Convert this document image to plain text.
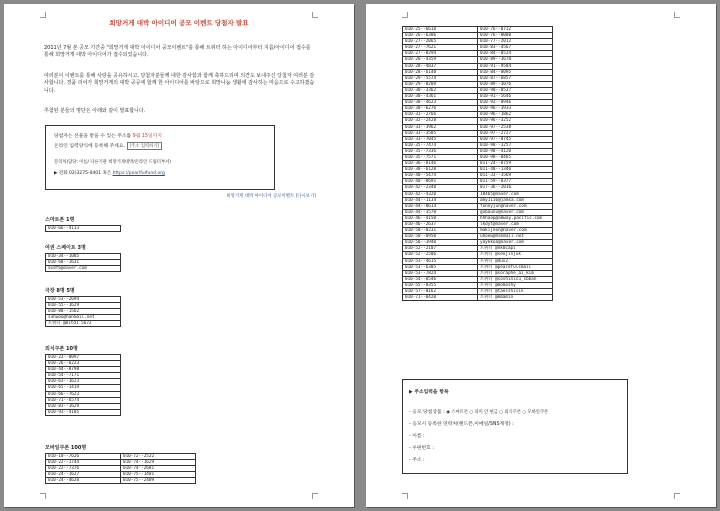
희망거게 대박 아이디어 공모 이벤트 당첨자 발표
2011년 7월 본 공모 기간중 "희망거게 대박 아이디어 공모이벤트"를 통해 트위터 하는 아이디어부터 지름/아이디어 접수를 통해 희망거게 대박 아이디어가 접수되었습니다.
여러분이 이벤트를 통해 사랑을 공유하시고, 당첨자분들께 대한 감사함과 함께 축하드리며 의견도 보내주신 당첨자 여러분 감사합니다. 경품 리어가 희망거게의 대박 공공에 함께 한 아이디어를 바탕으로 희망나눔 생활에 감사하는 마음으로 수고하겠습니다.
추첨된 분들의 명단은 아래와 같이 발표합니다.
당첨자는 선물을 받을 수 있는 주소를 9월 15일까지
온라인 입력양식에 등록해 주세요. [주소 입력하기]
문의처(담당: 이름/ 다른기관 희망거게대박/온라인 드림터부서)
▶ 전화 02)3275-0401 혹은 https://pearlfulfund.org
희망거게 대박 아이디어 공모이벤트 [다시보기]
스마트폰 1명
010-66--4113
여권 스페이트 3명
010-34--1085
010-68--1631
asdf6@naver.com
극장 8명 5명
010-53--2694
010-55--1629
010-88--1562
suhwoo@hanmail.net
트위터 @mitd1 5672
외식쿠폰 10명
010-23--0097
010-26--6223
010-44--8798
010-54--7171
010-63--1623
010-65--1419
010-66--7623
010-71--6574
010-83--1629
010-93--4105
모바일쿠폰 100명
010-10--7626	010-72--2522
010-22--1744	010-74--1629
010-22--7376	010-74--2681
010-24--1627	010-75--1401
010-24--4620	010-75--2409
010-25--6618	010-76--0712
010-26--6386	010-76--8000
010-27--2065	010-77--2012
010-27--7621	010-83--4567
010-27--8294	010-84--0524
010-28--4359	010-89--3678
010-28--4837	010-91--9584
010-28--6140	010-84--8095
010-29--5574	010-87--6857
010-29--8289	010-89--3076
010-30--3362	010-90--8537
010-30--4361	010-91--5646
010-30--4623	010-92--0946
010-30--6276	010-96--3933
010-31--2766	010-96--1862
010-32--2428	010-96--3252
010-33--3962	010-97--2538
010-33--3585	010-97--2727
010-33--7045	010-97--0745
010-35--7474	010-98--3257
010-35--7336	010-98--4120
010-35--7571	010-98--8465
010-36--8146	011-24--8759
010-38--6128	011-48--1346
010-40--5474	011-33--3569
010-40--8691	011-59--8377
010-42--2340	017-36--2016
010-42--4320	18465@naver.com
010-44--1134	amy1116@jamsa.com
010-44--0614	funnyjun@naver.com
010-44--3570	gobaunu@naver.com
010-46--4150	hhhaop@amway.pacific.com
010-46--2637	lkdyt@naver.com
010-50--0231	makijeon@naver.com
010-50--0950	uhoew@hanmail.net
010-50--3940	yaykkoa@naver.com
010-52--2107	트위터 @nkmcapi
010-52--2506	트위터 @seojinjuk
010-53--4615	트위터 @duv2
010-53--6305	트위터 @peacefulsmail
010-53--7824	트위터 @soraphe_ai_kim
010-54--8546	트위터 @soshinicu_sbban
010-55--8355	트위터 @momoshy
010-57--0162	트위터 @taecshisin
010-71--0420	트위터 @mmamin
▶ 주소입력을 항목
- 응모 당첨상품 : ◉ 스마트폰 ○ 피미 안 현금 ○ 외식쿠폰 ○ 모바일쿠폰
- 응모시 등록한 연락처(핸드폰,이메일/SNS계정) :
- 이름 :
- 우편번호 :
- 주소 :
